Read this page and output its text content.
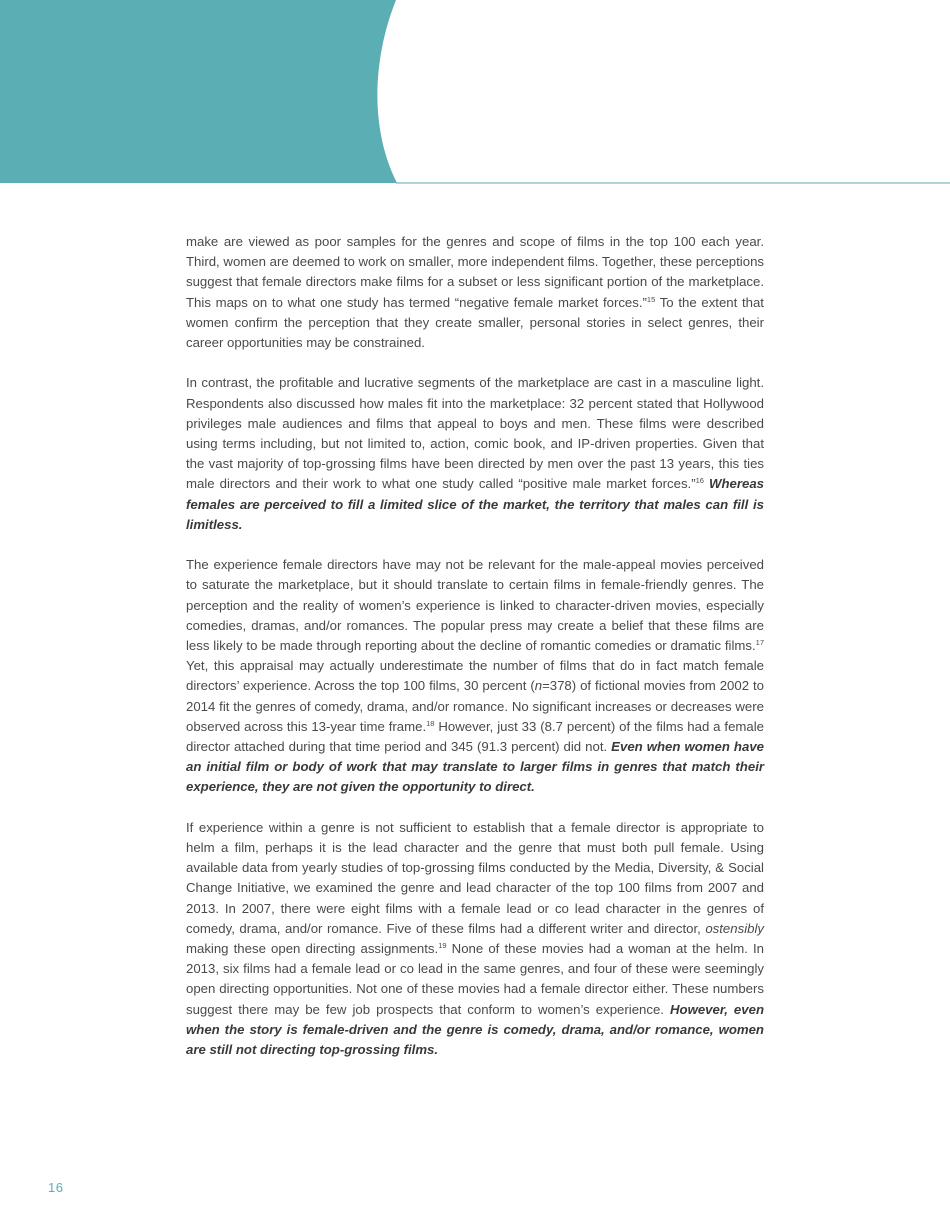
make are viewed as poor samples for the genres and scope of films in the top 100 each year. Third, women are deemed to work on smaller, more independent films. Together, these perceptions suggest that female directors make films for a subset or less significant portion of the marketplace. This maps on to what one study has termed “negative female market forces.”$^{15}$ To the extent that women confirm the perception that they create smaller, personal stories in select genres, their career opportunities may be constrained.

In contrast, the profitable and lucrative segments of the marketplace are cast in a masculine light. Respondents also discussed how males fit into the marketplace: 32 percent stated that Hollywood privileges male audiences and films that appeal to boys and men. These films were described using terms including, but not limited to, action, comic book, and IP-driven properties. Given that the vast majority of top-grossing films have been directed by men over the past 13 years, this ties male directors and their work to what one study called “positive male market forces.”$^{16}$ Whereas females are perceived to fill a limited slice of the market, the territory that males can fill is limitless.

The experience female directors have may not be relevant for the male-appeal movies perceived to saturate the marketplace, but it should translate to certain films in female-friendly genres. The perception and the reality of women’s experience is linked to character-driven movies, especially comedies, dramas, and/or romances. The popular press may create a belief that these films are less likely to be made through reporting about the decline of romantic comedies or dramatic films.$^{17}$ Yet, this appraisal may actually underestimate the number of films that do in fact match female directors’ experience. Across the top 100 films, 30 percent (n=378) of fictional movies from 2002 to 2014 fit the genres of comedy, drama, and/or romance. No significant increases or decreases were observed across this 13-year time frame.$^{18}$ However, just 33 (8.7 percent) of the films had a female director attached during that time period and 345 (91.3 percent) did not. Even when women have an initial film or body of work that may translate to larger films in genres that match their experience, they are not given the opportunity to direct.

If experience within a genre is not sufficient to establish that a female director is appropriate to helm a film, perhaps it is the lead character and the genre that must both pull female. Using available data from yearly studies of top-grossing films conducted by the Media, Diversity, & Social Change Initiative, we examined the genre and lead character of the top 100 films from 2007 and 2013. In 2007, there were eight films with a female lead or co lead character in the genres of comedy, drama, and/or romance. Five of these films had a different writer and director, ostensibly making these open directing assignments.$^{19}$ None of these movies had a woman at the helm. In 2013, six films had a female lead or co lead in the same genres, and four of these were seemingly open directing opportunities. Not one of these movies had a female director either. These numbers suggest there may be few job prospects that conform to women’s experience. However, even when the story is female-driven and the genre is comedy, drama, and/or romance, women are still not directing top-grossing films.

16
